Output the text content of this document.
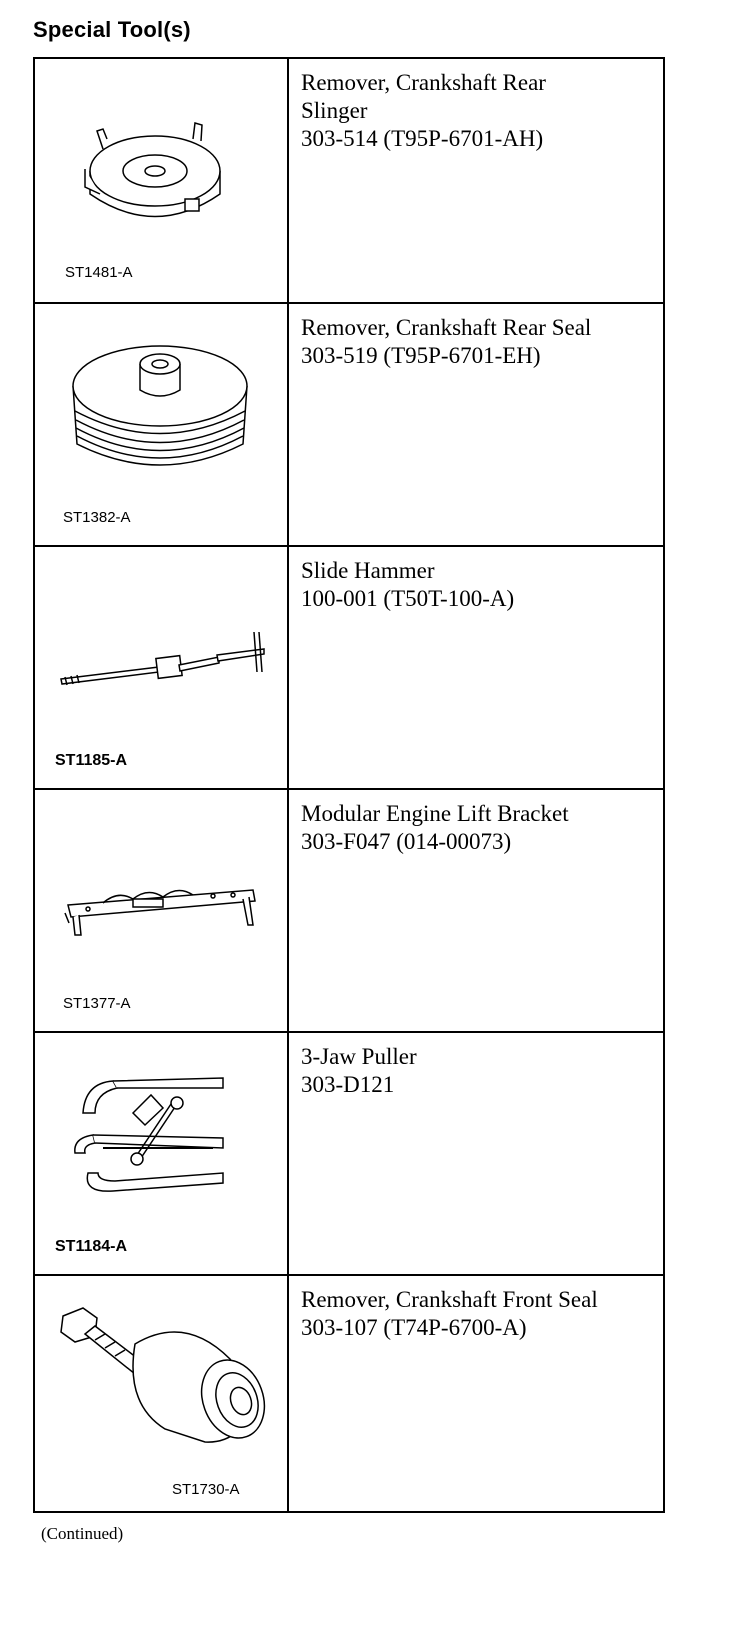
Special Tool(s)
ST1481-A
Remover, Crankshaft Rear
Slinger
303-514 (T95P-6701-AH)
ST1382-A
Remover, Crankshaft Rear Seal
303-519 (T95P-6701-EH)
ST1185-A
Slide Hammer
100-001 (T50T-100-A)
ST1377-A
Modular Engine Lift Bracket
303-F047 (014-00073)
ST1184-A
3-Jaw Puller
303-D121
ST1730-A
Remover, Crankshaft Front Seal
303-107 (T74P-6700-A)
(Continued)
